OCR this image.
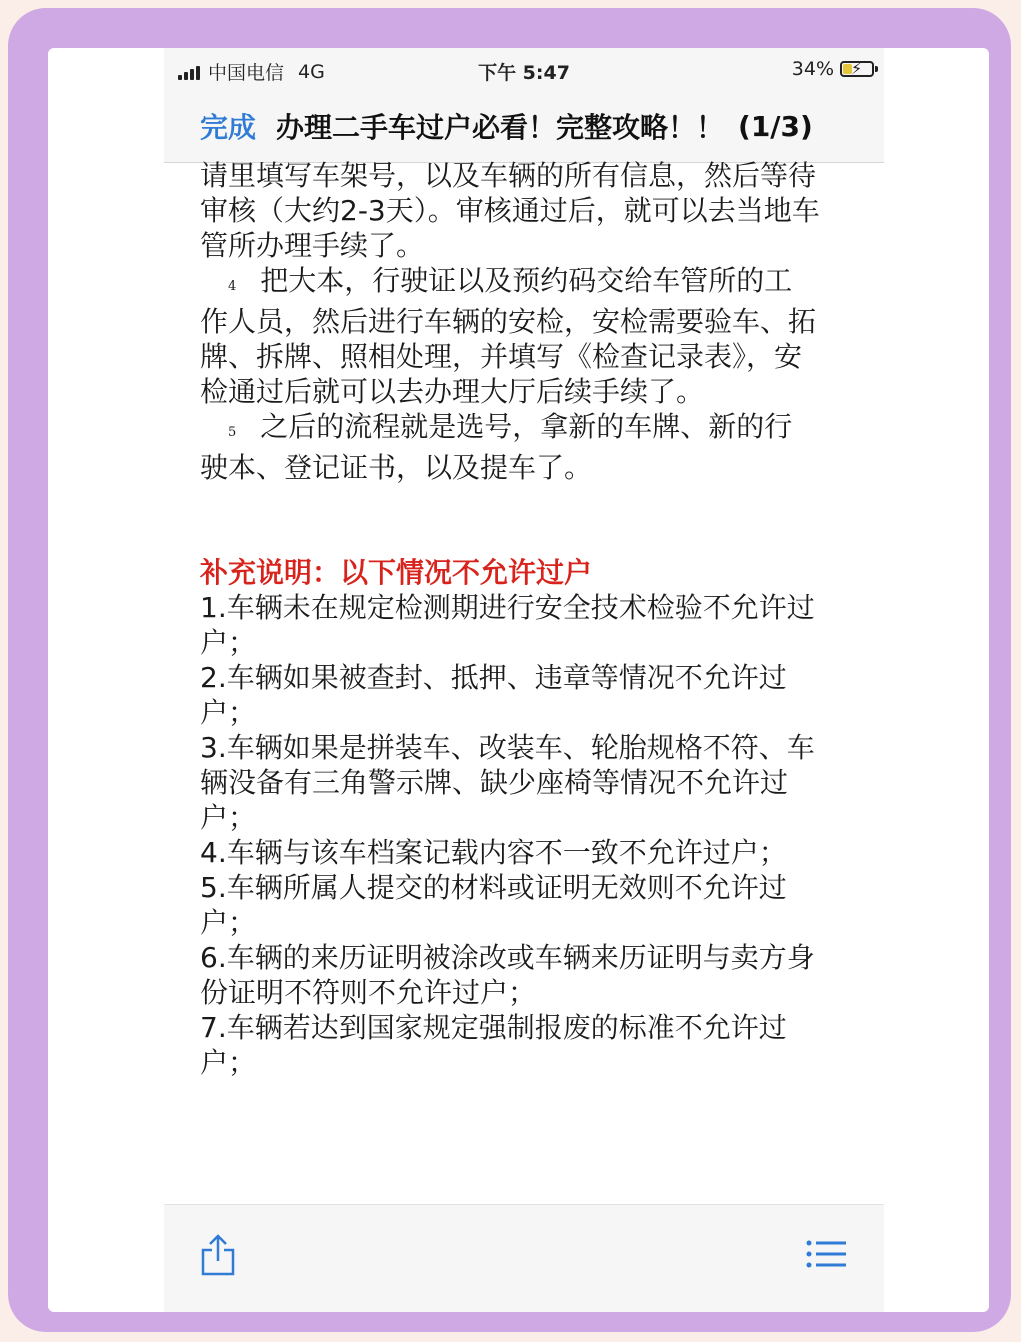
中国电信 4G	下午 5:47	34% ⚡
完成 办理二手车过户必看！完整攻略！！ (1/3)

请里填写车架号，以及车辆的所有信息，然后等待审核（大约2-3天）。审核通过后，就可以去当地车管所办理手续了。

4 把大本，行驶证以及预约码交给车管所的工作人员，然后进行车辆的安检，安检需要验车、拓牌、拆牌、照相处理，并填写《检查记录表》，安检通过后就可以去办理大厅后续手续了。

5 之后的流程就是选号，拿新的车牌、新的行驶本、登记证书，以及提车了。

补充说明：以下情况不允许过户

1.车辆未在规定检测期进行安全技术检验不允许过户；

2.车辆如果被查封、抵押、违章等情况不允许过户；

3.车辆如果是拼装车、改装车、轮胎规格不符、车辆没备有三角警示牌、缺少座椅等情况不允许过户；

4.车辆与该车档案记载内容不一致不允许过户；

5.车辆所属人提交的材料或证明无效则不允许过户；

6.车辆的来历证明被涂改或车辆来历证明与卖方身份证明不符则不允许过户；

7.车辆若达到国家规定强制报废的标准不允许过户；
